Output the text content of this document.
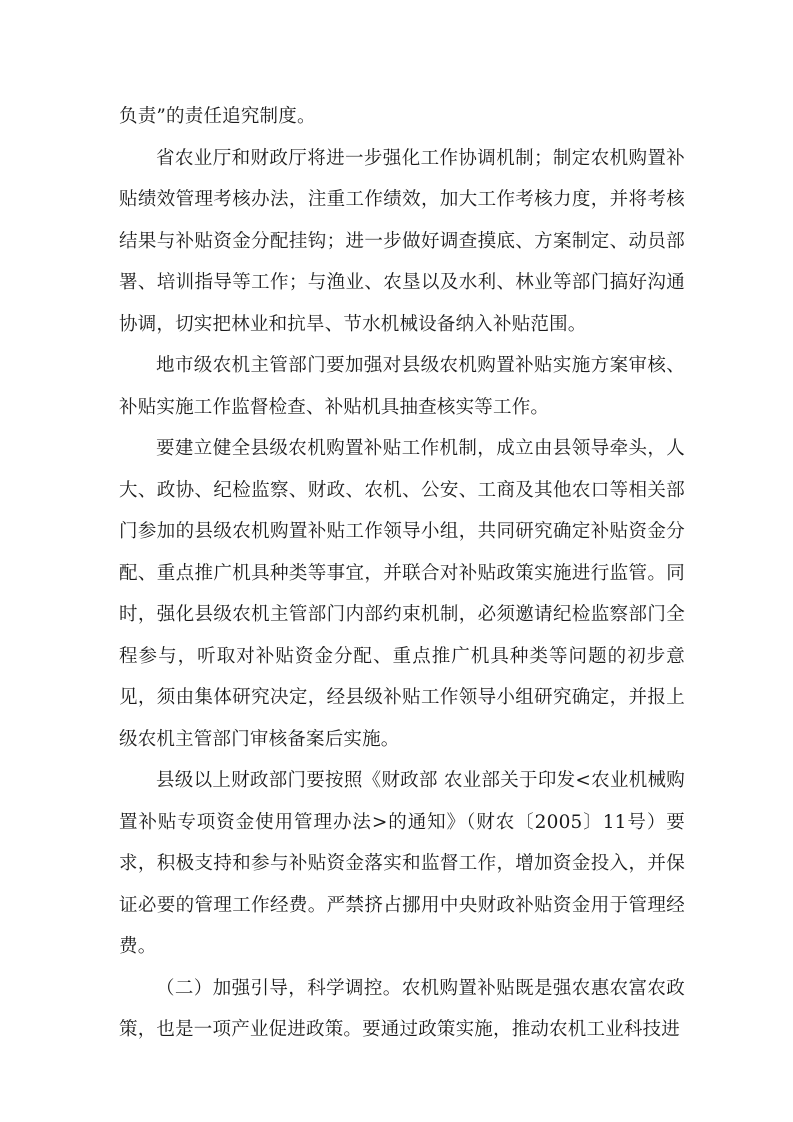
负责”的责任追究制度。

省农业厅和财政厅将进一步强化工作协调机制；制定农机购置补贴绩效管理考核办法，注重工作绩效，加大工作考核力度，并将考核结果与补贴资金分配挂钩；进一步做好调查摸底、方案制定、动员部署、培训指导等工作；与渔业、农垦以及水利、林业等部门搞好沟通协调，切实把林业和抗旱、节水机械设备纳入补贴范围。

地市级农机主管部门要加强对县级农机购置补贴实施方案审核、补贴实施工作监督检查、补贴机具抽查核实等工作。

要建立健全县级农机购置补贴工作机制，成立由县领导牵头，人大、政协、纪检监察、财政、农机、公安、工商及其他农口等相关部门参加的县级农机购置补贴工作领导小组，共同研究确定补贴资金分配、重点推广机具种类等事宜，并联合对补贴政策实施进行监管。同时，强化县级农机主管部门内部约束机制，必须邀请纪检监察部门全程参与，听取对补贴资金分配、重点推广机具种类等问题的初步意见，须由集体研究决定，经县级补贴工作领导小组研究确定，并报上级农机主管部门审核备案后实施。

县级以上财政部门要按照《财政部 农业部关于印发<农业机械购置补贴专项资金使用管理办法>的通知》（财农〔2005〕11号）要求，积极支持和参与补贴资金落实和监督工作，增加资金投入，并保证必要的管理工作经费。严禁挤占挪用中央财政补贴资金用于管理经费。

（二）加强引导，科学调控。农机购置补贴既是强农惠农富农政策，也是一项产业促进政策。要通过政策实施，推动农机工业科技进
